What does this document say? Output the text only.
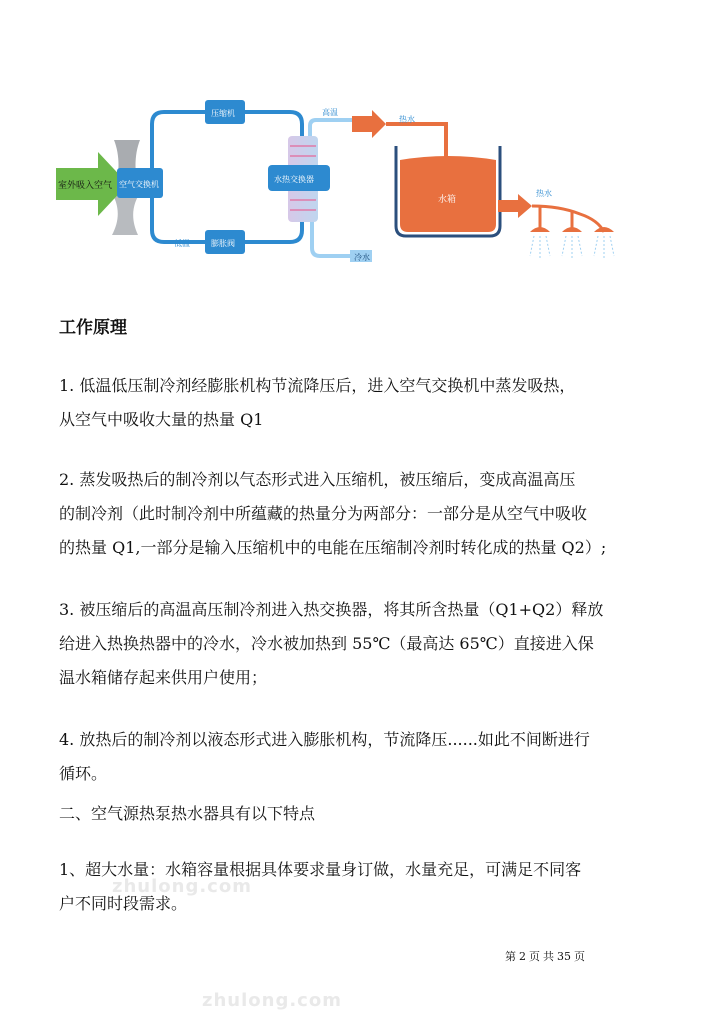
室外吸入空气 空气交换机
压缩机
膨胀阀
低温
水热交换器
高温
热水
冷水
水箱
热水
工作原理

1. 低温低压制冷剂经膨胀机构节流降压后，进入空气交换机中蒸发吸热，
从空气中吸收大量的热量 Q1

2. 蒸发吸热后的制冷剂以气态形式进入压缩机，被压缩后，变成高温高压
的制冷剂（此时制冷剂中所蕴藏的热量分为两部分：一部分是从空气中吸收
的热量 Q1,一部分是输入压缩机中的电能在压缩制冷剂时转化成的热量 Q2）;

3. 被压缩后的高温高压制冷剂进入热交换器，将其所含热量（Q1+Q2）释放
给进入热换热器中的冷水，冷水被加热到 55℃（最高达 65℃）直接进入保
温水箱储存起来供用户使用；

4. 放热后的制冷剂以液态形式进入膨胀机构，节流降压......如此不间断进行
循环。

二、空气源热泵热水器具有以下特点

1、超大水量：水箱容量根据具体要求量身订做，水量充足，可满足不同客
户不同时段需求。

zhulong.com
zhulong.com
第 2 页 共 35 页
